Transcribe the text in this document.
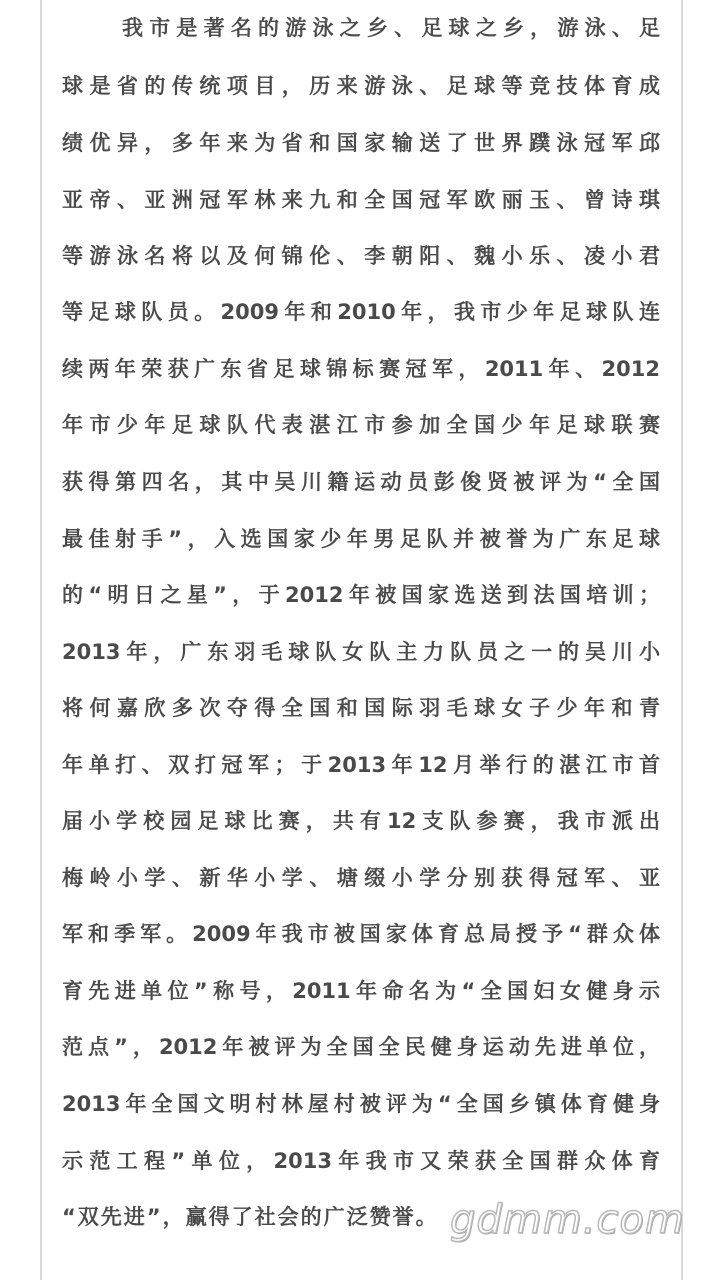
我市是著名的游泳之乡、足球之乡，游泳、足
球是省的传统项目，历来游泳、足球等竞技体育成
绩优异，多年来为省和国家输送了世界蹼泳冠军邱
亚帝、亚洲冠军林来九和全国冠军欧丽玉、曾诗琪
等游泳名将以及何锦伦、李朝阳、魏小乐、凌小君
等足球队员。2009年和2010年，我市少年足球队连
续两年荣获广东省足球锦标赛冠军，2011年、2012
年市少年足球队代表湛江市参加全国少年足球联赛
获得第四名，其中吴川籍运动员彭俊贤被评为“全国
最佳射手”，入选国家少年男足队并被誉为广东足球
的“明日之星”，于2012年被国家选送到法国培训；
2013年，广东羽毛球队女队主力队员之一的吴川小
将何嘉欣多次夺得全国和国际羽毛球女子少年和青
年单打、双打冠军；于2013年12月举行的湛江市首
届小学校园足球比赛，共有12支队参赛，我市派出
梅岭小学、新华小学、塘缀小学分别获得冠军、亚
军和季军。2009年我市被国家体育总局授予“群众体
育先进单位”称号，2011年命名为“全国妇女健身示
范点”，2012年被评为全国全民健身运动先进单位，
2013年全国文明村林屋村被评为“全国乡镇体育健身
示范工程”单位，2013年我市又荣获全国群众体育
“双先进”，赢得了社会的广泛赞誉。 gdmm.com
